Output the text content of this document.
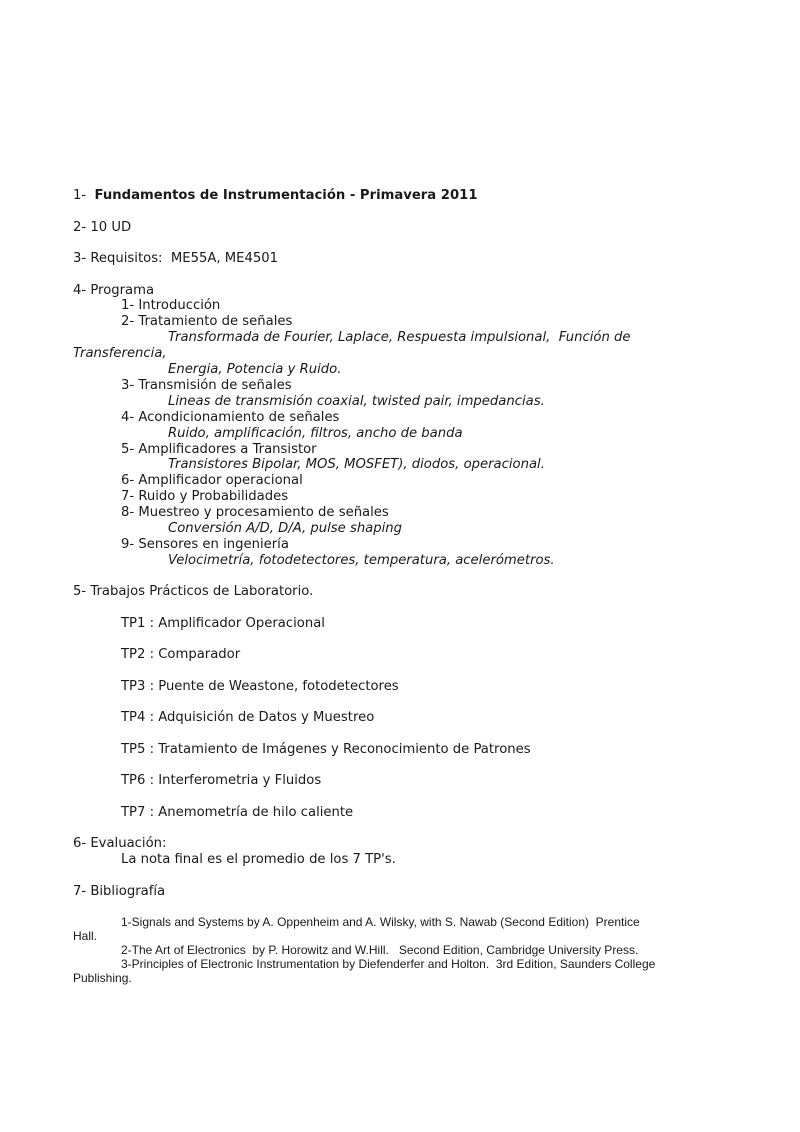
1-  Fundamentos de Instrumentación - Primavera 2011
2- 10 UD
3- Requisitos:  ME55A, ME4501
4- Programa
1- Introducción
2- Tratamiento de señales
Transformada de Fourier, Laplace, Respuesta impulsional,  Función de
Transferencia,
Energia, Potencia y Ruido.
3- Transmisión de señales
Lineas de transmisión coaxial, twisted pair, impedancias.
4- Acondicionamiento de señales
Ruido, amplificación, filtros, ancho de banda
5- Amplificadores a Transistor
Transistores Bipolar, MOS, MOSFET), diodos, operacional.
6- Amplificador operacional
7- Ruido y Probabilidades
8- Muestreo y procesamiento de señales
Conversión A/D, D/A, pulse shaping
9- Sensores en ingeniería
Velocimetría, fotodetectores, temperatura, acelerómetros.
5- Trabajos Prácticos de Laboratorio.
TP1 : Amplificador Operacional
TP2 : Comparador
TP3 : Puente de Weastone, fotodetectores
TP4 : Adquisición de Datos y Muestreo
TP5 : Tratamiento de Imágenes y Reconocimiento de Patrones
TP6 : Interferometria y Fluidos
TP7 : Anemometría de hilo caliente
6- Evaluación:
La nota final es el promedio de los 7 TP's.
7- Bibliografía
1-Signals and Systems by A. Oppenheim and A. Wilsky, with S. Nawab (Second Edition)  Prentice
Hall.
2-The Art of Electronics  by P. Horowitz and W.Hill.   Second Edition, Cambridge University Press.
3-Principles of Electronic Instrumentation by Diefenderfer and Holton.  3rd Edition, Saunders College
Publishing.
